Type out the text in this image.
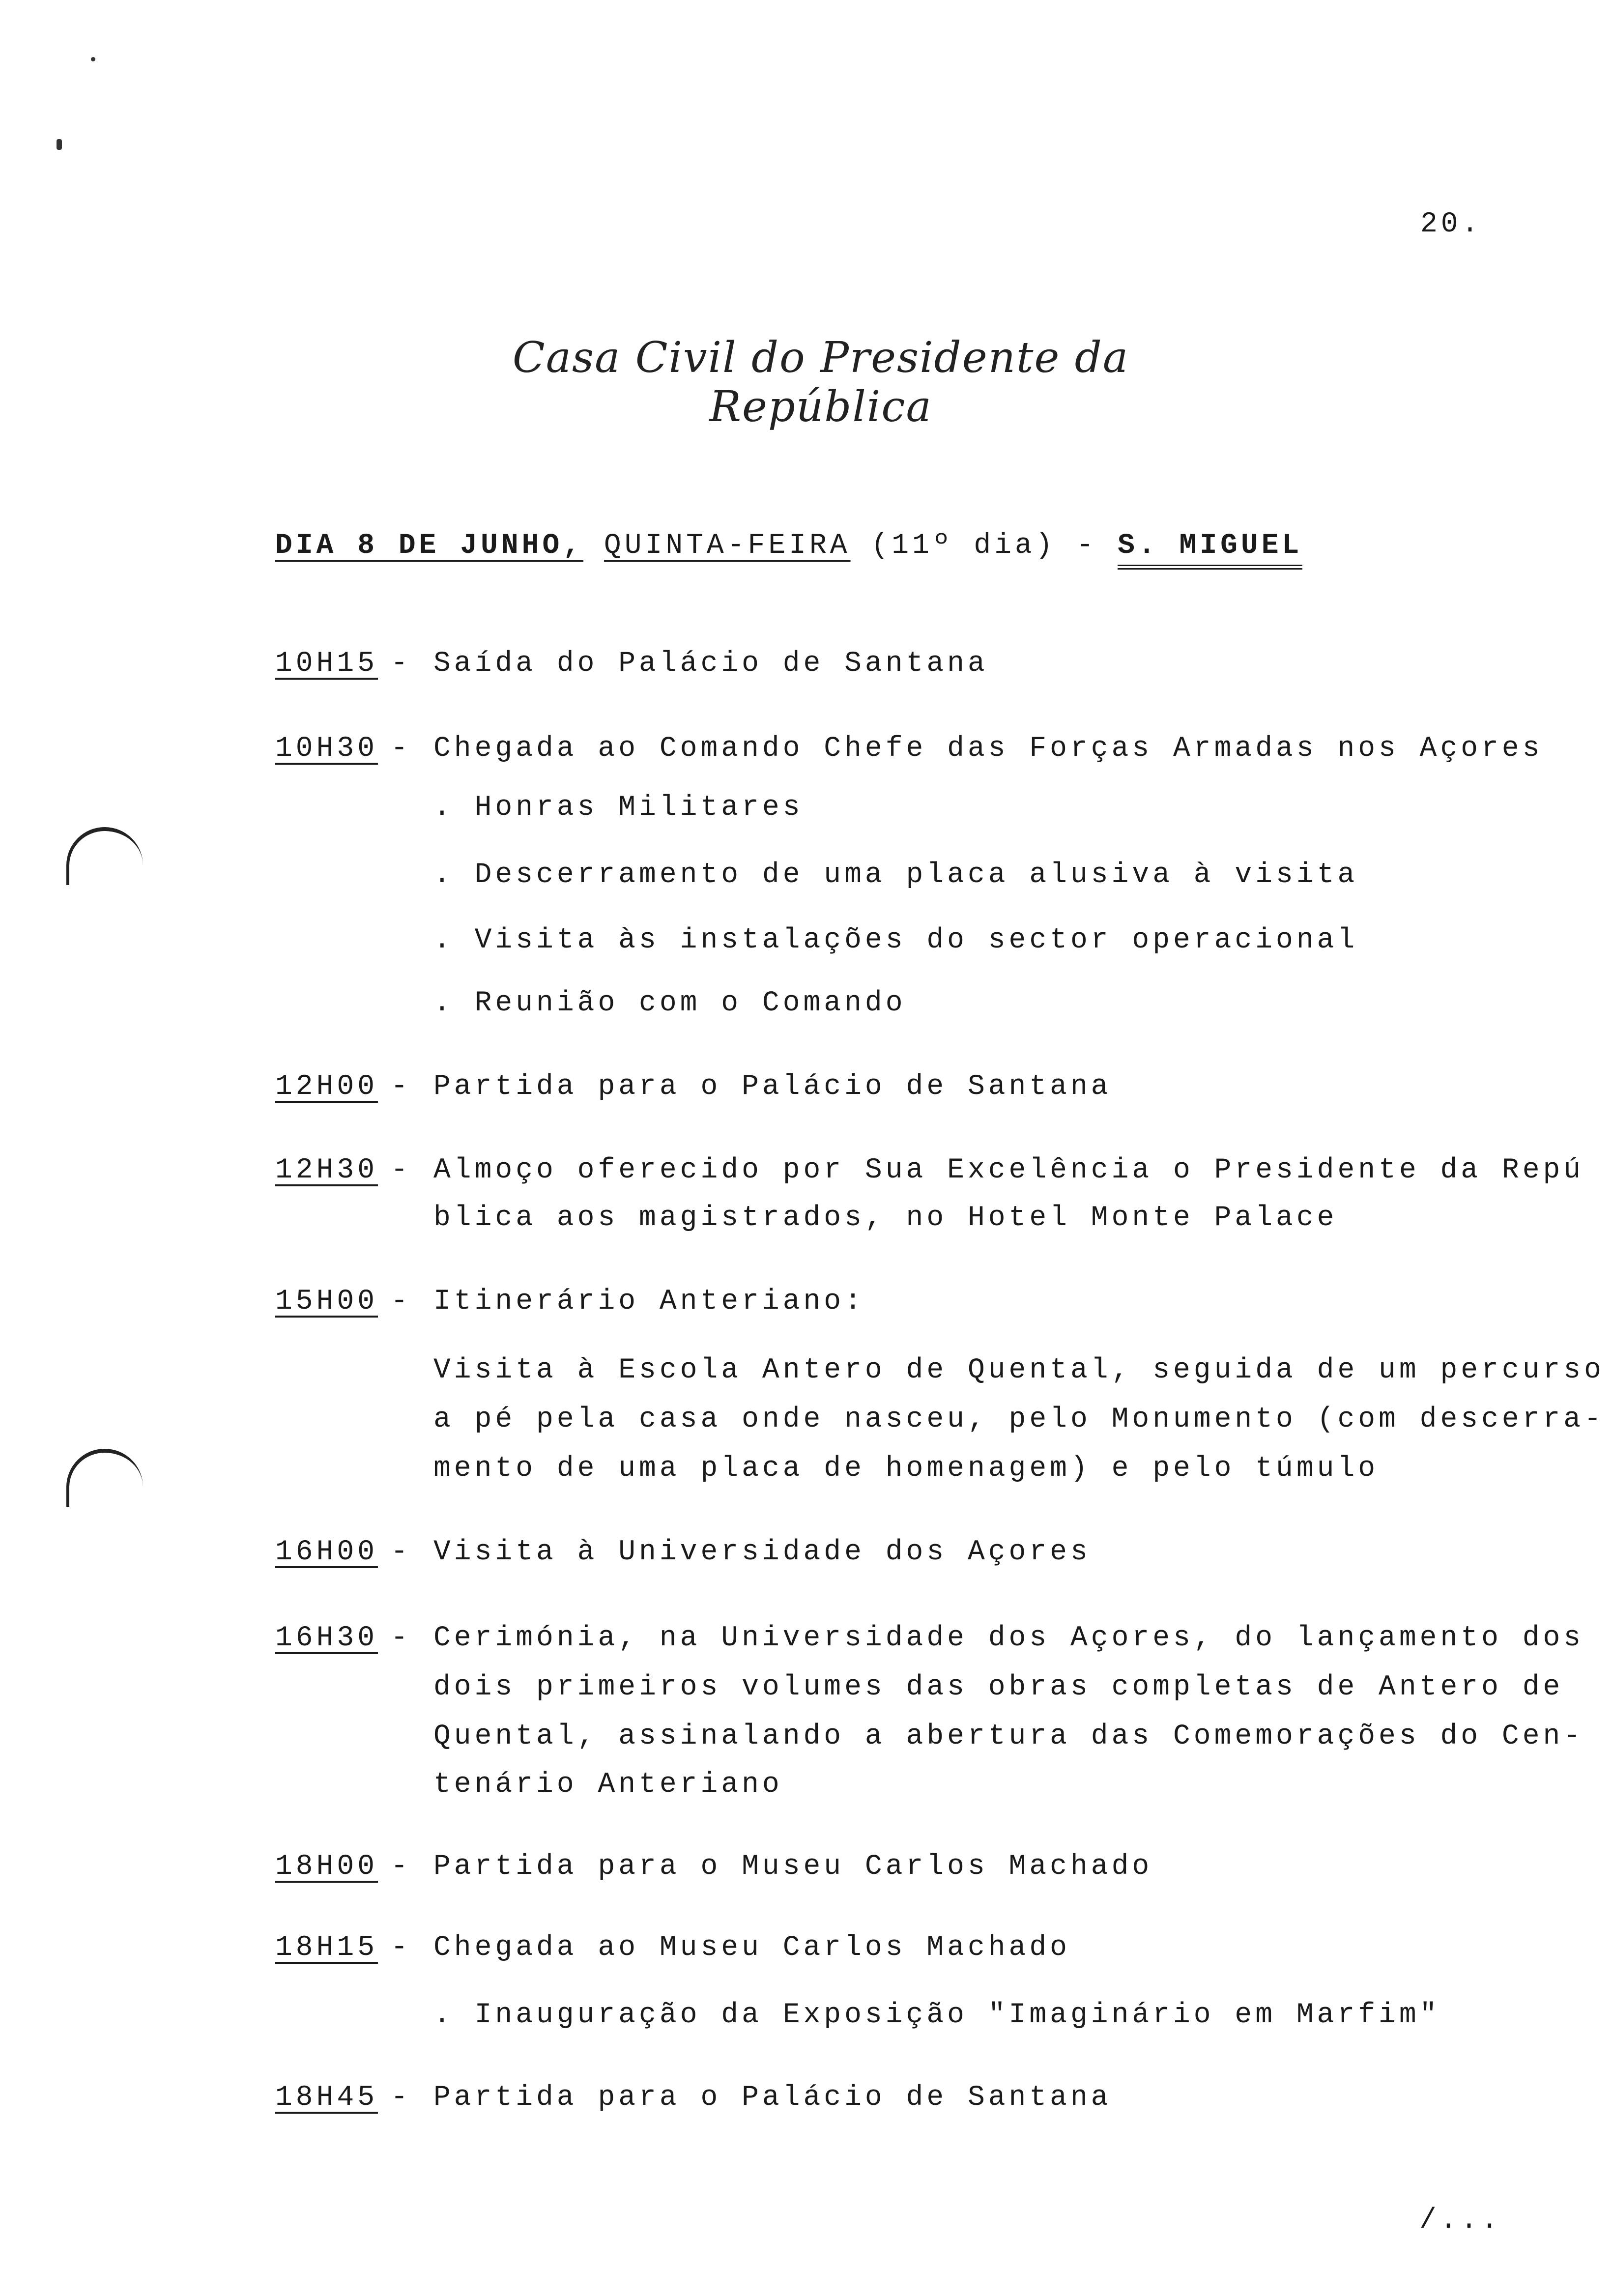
20.
Casa Civil do Presidente da República
DIA 8 DE JUNHO, QUINTA-FEIRA (11º dia) - S. MIGUEL
10H15 - Saída do Palácio de Santana
10H30 - Chegada ao Comando Chefe das Forças Armadas nos Açores
. Honras Militares
. Descerramento de uma placa alusiva à visita
. Visita às instalações do sector operacional
. Reunião com o Comando
12H00 - Partida para o Palácio de Santana
12H30 - Almoço oferecido por Sua Excelência o Presidente da Repú
blica aos magistrados, no Hotel Monte Palace
15H00 - Itinerário Anteriano:
Visita à Escola Antero de Quental, seguida de um percurso
a pé pela casa onde nasceu, pelo Monumento (com descerra-
mento de uma placa de homenagem) e pelo túmulo
16H00 - Visita à Universidade dos Açores
16H30 - Cerimónia, na Universidade dos Açores, do lançamento dos
dois primeiros volumes das obras completas de Antero de
Quental, assinalando a abertura das Comemorações do Cen-
tenário Anteriano
18H00 - Partida para o Museu Carlos Machado
18H15 - Chegada ao Museu Carlos Machado
. Inauguração da Exposição "Imaginário em Marfim"
18H45 - Partida para o Palácio de Santana
/...
